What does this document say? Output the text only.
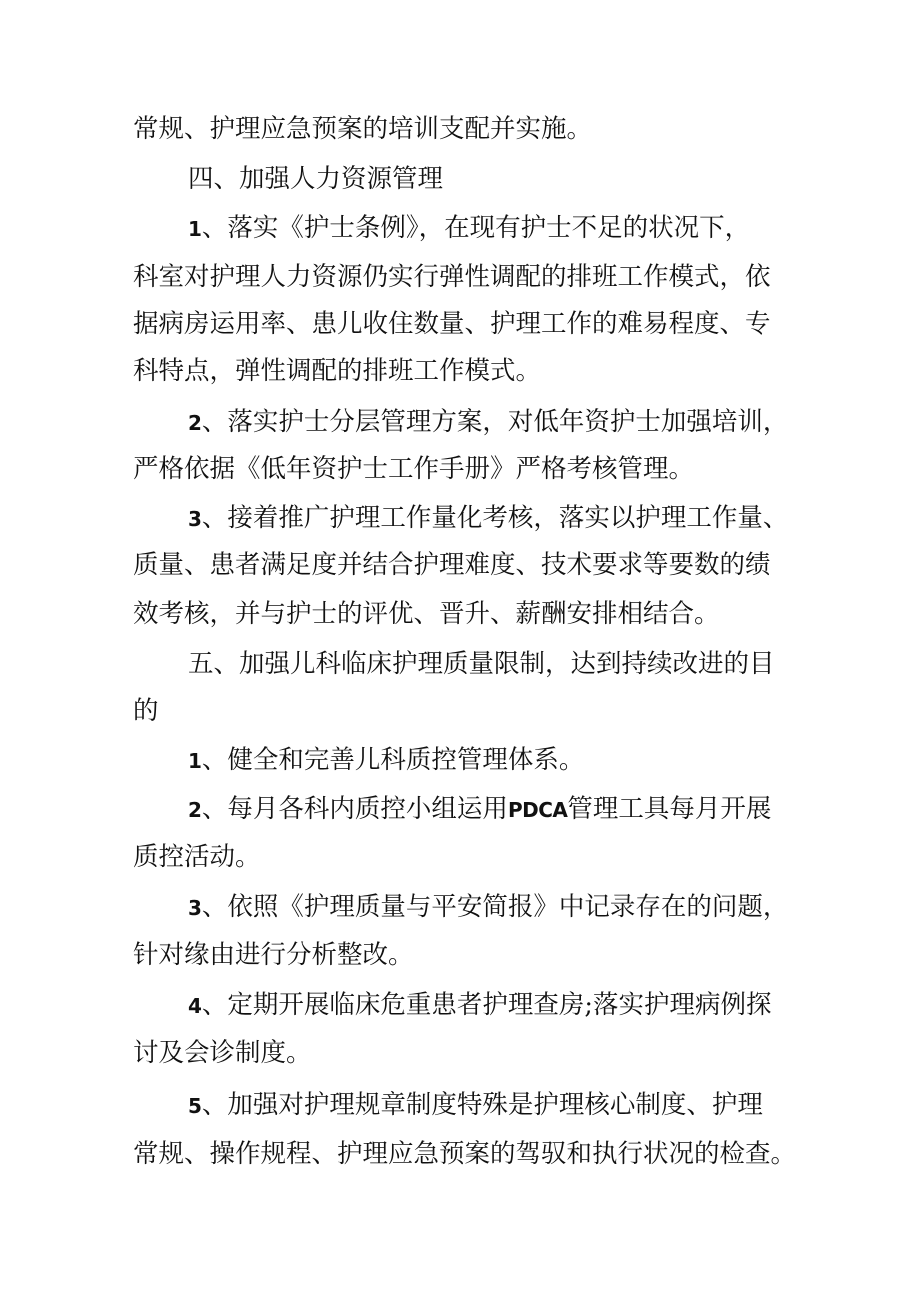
常规、护理应急预案的培训支配并实施。
四、加强人力资源管理
1、落实《护士条例》，在现有护士不足的状况下，
科室对护理人力资源仍实行弹性调配的排班工作模式，依
据病房运用率、患儿收住数量、护理工作的难易程度、专
科特点，弹性调配的排班工作模式。
2、落实护士分层管理方案，对低年资护士加强培训，
严格依据《低年资护士工作手册》严格考核管理。
3、接着推广护理工作量化考核，落实以护理工作量、
质量、患者满足度并结合护理难度、技术要求等要数的绩
效考核，并与护士的评优、晋升、薪酬安排相结合。
五、加强儿科临床护理质量限制，达到持续改进的目
的
1、健全和完善儿科质控管理体系。
2、每月各科内质控小组运用PDCA管理工具每月开展
质控活动。
3、依照《护理质量与平安简报》中记录存在的问题，
针对缘由进行分析整改。
4、定期开展临床危重患者护理查房;落实护理病例探
讨及会诊制度。
5、加强对护理规章制度特殊是护理核心制度、护理
常规、操作规程、护理应急预案的驾驭和执行状况的检查。
